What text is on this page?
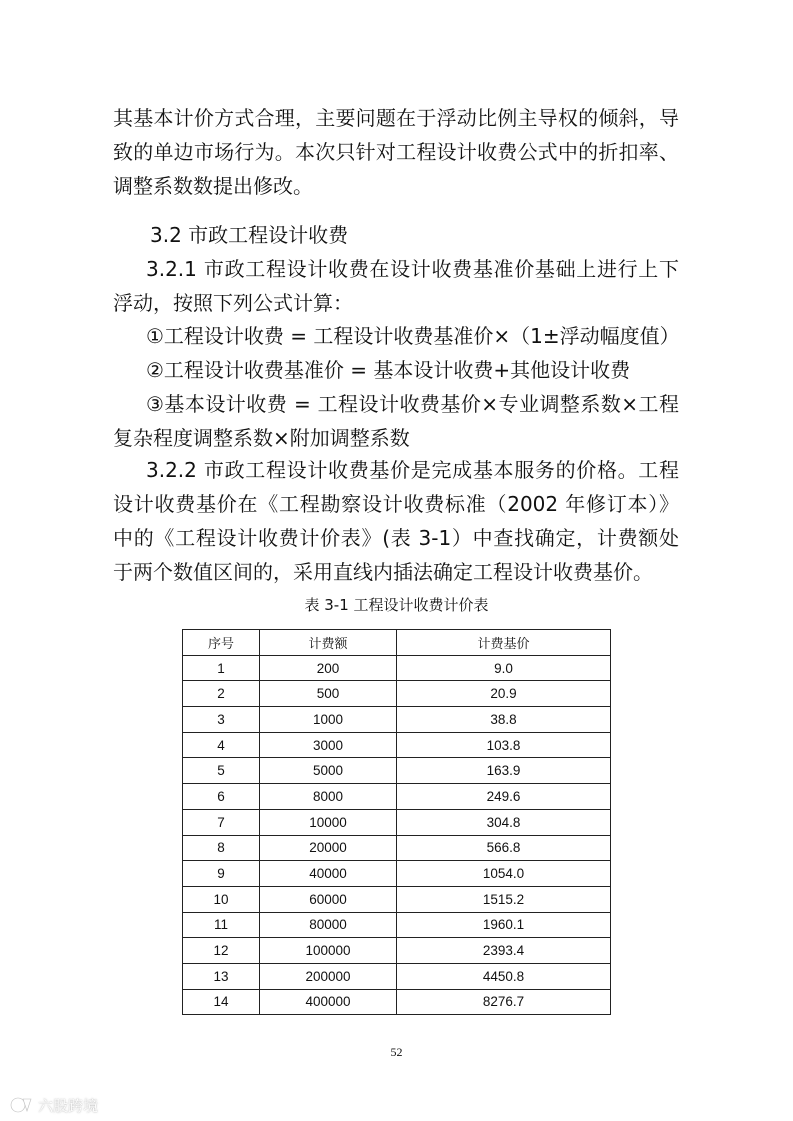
其基本计价方式合理，主要问题在于浮动比例主导权的倾斜，导致的单边市场行为。本次只针对工程设计收费公式中的折扣率、调整系数数提出修改。

3.2 市政工程设计收费

3.2.1 市政工程设计收费在设计收费基准价基础上进行上下浮动，按照下列公式计算：

①工程设计收费 = 工程设计收费基准价×（1±浮动幅度值）

②工程设计收费基准价 = 基本设计收费+其他设计收费

③基本设计收费 = 工程设计收费基价×专业调整系数×工程复杂程度调整系数×附加调整系数

3.2.2 市政工程设计收费基价是完成基本服务的价格。工程设计收费基价在《工程勘察设计收费标准（2002 年修订本）》中的《工程设计收费计价表》(表 3-1）中查找确定，计费额处于两个数值区间的，采用直线内插法确定工程设计收费基价。

表 3-1 工程设计收费计价表

序号	计费额	计费基价
1	200	9.0
2	500	20.9
3	1000	38.8
4	3000	103.8
5	5000	163.9
6	8000	249.6
7	10000	304.8
8	20000	566.8
9	40000	1054.0
10	60000	1515.2
11	80000	1960.1
12	100000	2393.4
13	200000	4450.8
14	400000	8276.7

52

六股跨境
